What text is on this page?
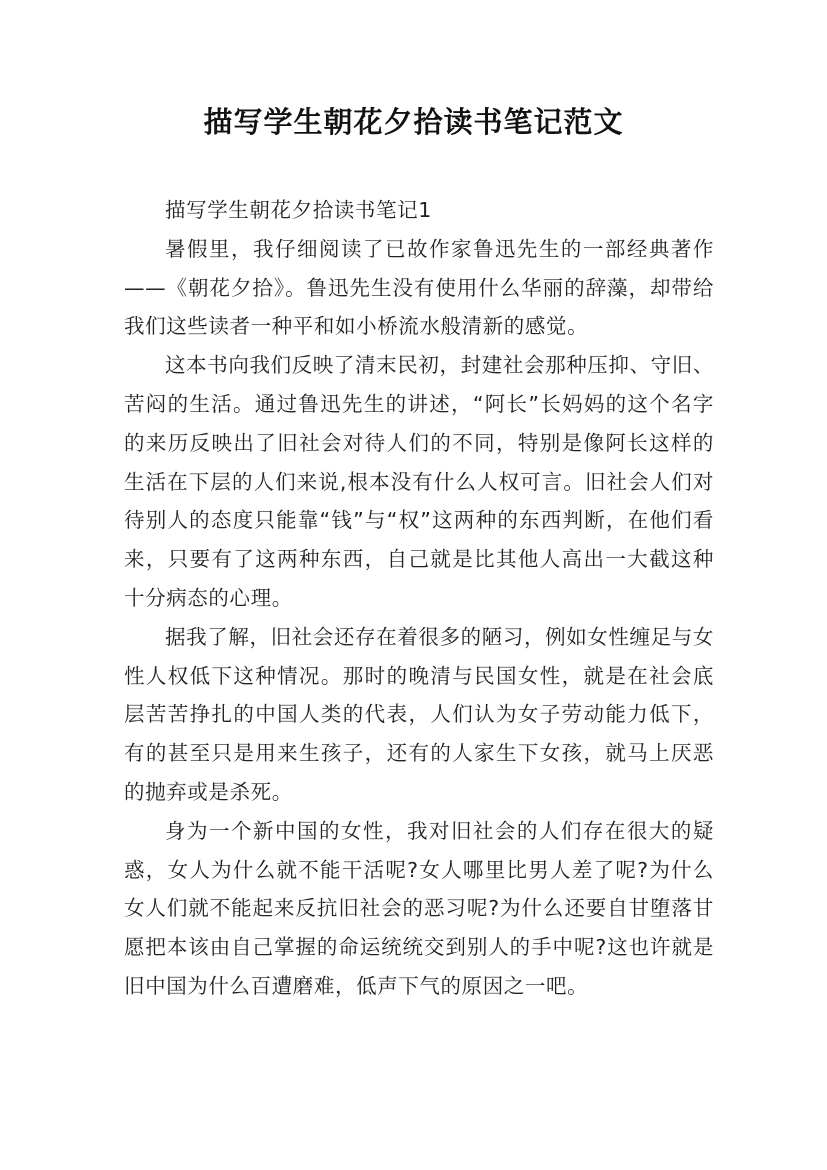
描写学生朝花夕拾读书笔记范文

描写学生朝花夕拾读书笔记1

暑假里，我仔细阅读了已故作家鲁迅先生的一部经典著作——《朝花夕拾》。鲁迅先生没有使用什么华丽的辞藻，却带给我们这些读者一种平和如小桥流水般清新的感觉。

这本书向我们反映了清末民初，封建社会那种压抑、守旧、苦闷的生活。通过鲁迅先生的讲述，“阿长”长妈妈的这个名字的来历反映出了旧社会对待人们的不同，特别是像阿长这样的生活在下层的人们来说,根本没有什么人权可言。旧社会人们对待别人的态度只能靠“钱”与“权”这两种的东西判断，在他们看来，只要有了这两种东西，自己就是比其他人高出一大截这种十分病态的心理。

据我了解，旧社会还存在着很多的陋习，例如女性缠足与女性人权低下这种情况。那时的晚清与民国女性，就是在社会底层苦苦挣扎的中国人类的代表，人们认为女子劳动能力低下，有的甚至只是用来生孩子，还有的人家生下女孩，就马上厌恶的抛弃或是杀死。

身为一个新中国的女性，我对旧社会的人们存在很大的疑惑，女人为什么就不能干活呢?女人哪里比男人差了呢?为什么女人们就不能起来反抗旧社会的恶习呢?为什么还要自甘堕落甘愿把本该由自己掌握的命运统统交到别人的手中呢?这也许就是旧中国为什么百遭磨难，低声下气的原因之一吧。
